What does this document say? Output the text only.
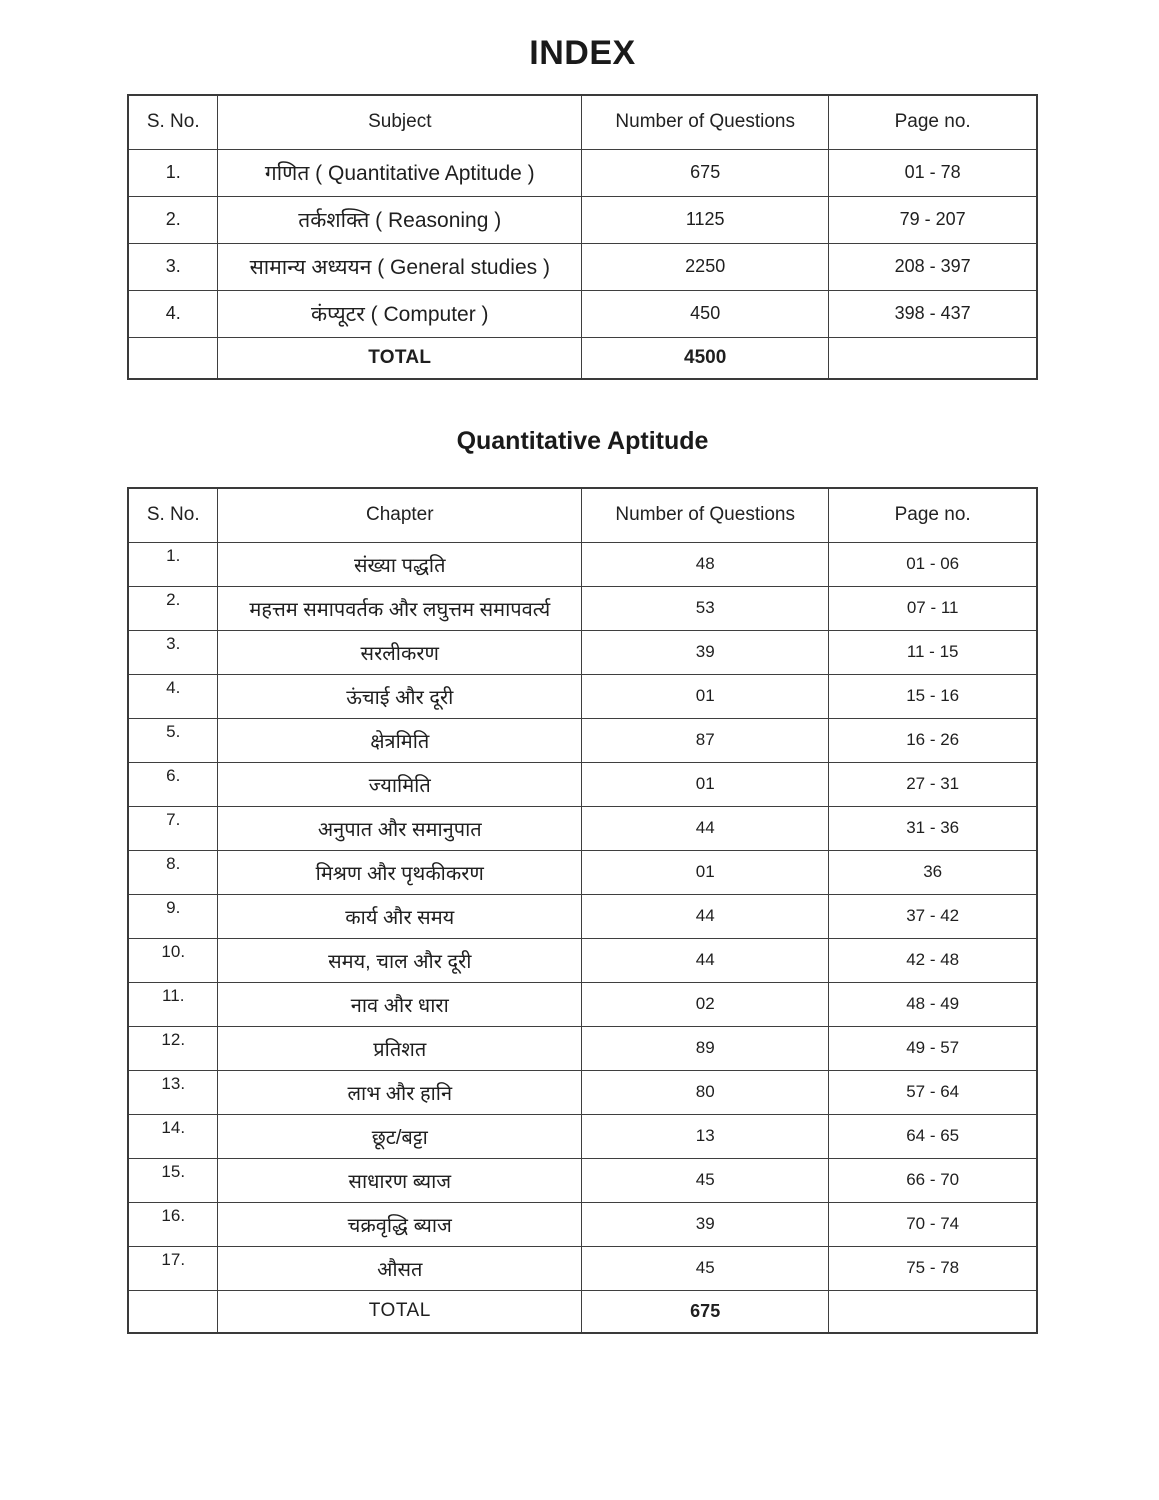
INDEX
S. No.	Subject	Number of Questions	Page no.
1.	गणित ( Quantitative Aptitude )	675	01 - 78
2.	तर्कशक्ति ( Reasoning )	1125	79 - 207
3.	सामान्य अध्ययन ( General studies )	2250	208 - 397
4.	कंप्यूटर ( Computer )	450	398 - 437
	TOTAL	4500	
Quantitative Aptitude
S. No.	Chapter	Number of Questions	Page no.
1.	संख्या पद्धति	48	01 - 06
2.	महत्तम समापवर्तक और लघुत्तम समापवर्त्य	53	07 - 11
3.	सरलीकरण	39	11 - 15
4.	ऊंचाई और दूरी	01	15 - 16
5.	क्षेत्रमिति	87	16 - 26
6.	ज्यामिति	01	27 - 31
7.	अनुपात और समानुपात	44	31 - 36
8.	मिश्रण और पृथकीकरण	01	36
9.	कार्य और समय	44	37 - 42
10.	समय, चाल और दूरी	44	42 - 48
11.	नाव और धारा	02	48 - 49
12.	प्रतिशत	89	49 - 57
13.	लाभ और हानि	80	57 - 64
14.	छूट/बट्टा	13	64 - 65
15.	साधारण ब्याज	45	66 - 70
16.	चक्रवृद्धि ब्याज	39	70 - 74
17.	औसत	45	75 - 78
	TOTAL	675	
